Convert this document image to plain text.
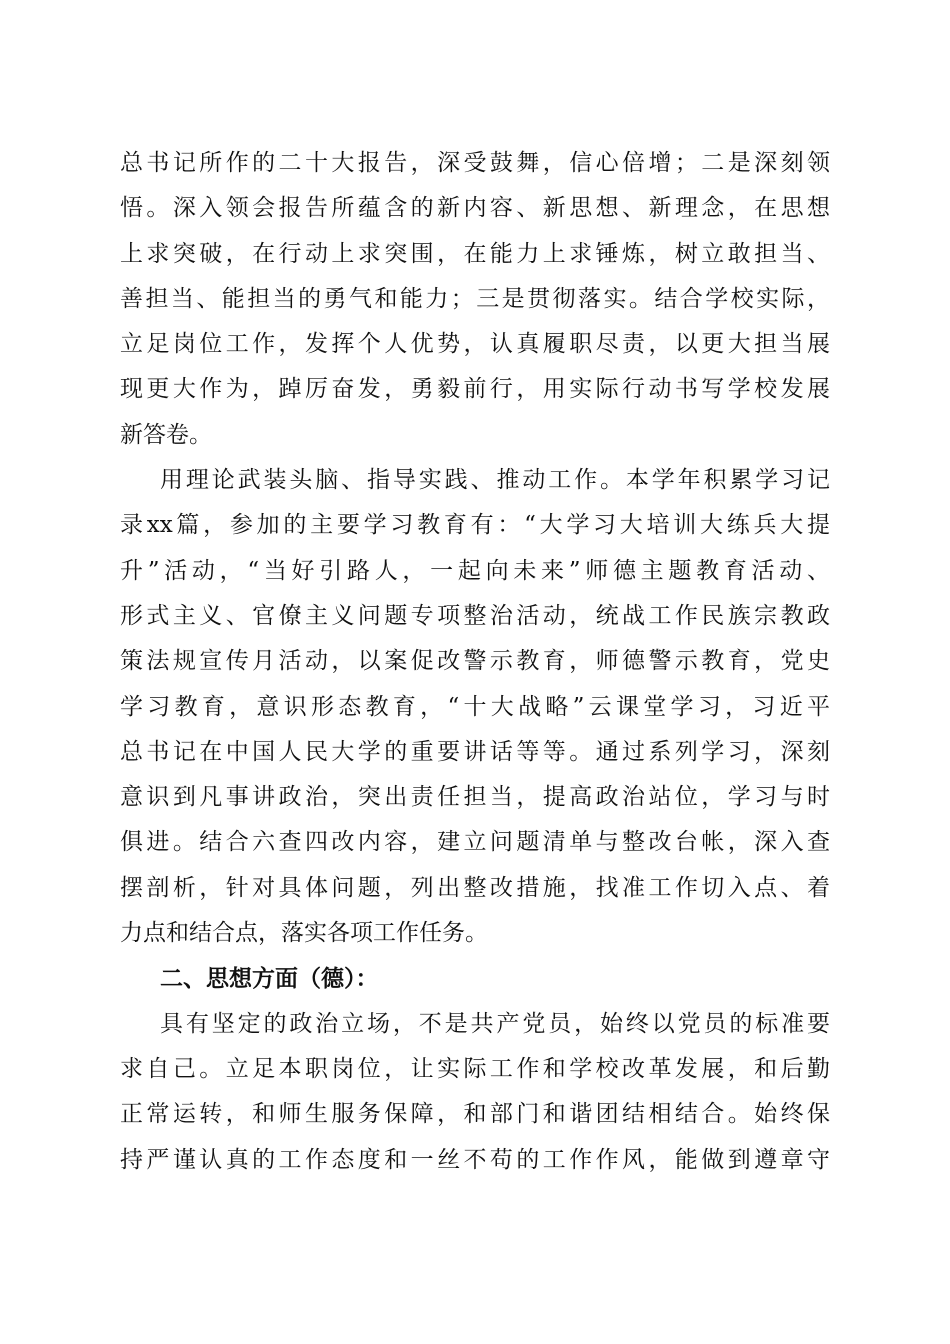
总书记所作的二十大报告，深受鼓舞，信心倍增；二是深刻领
悟。深入领会报告所蕴含的新内容、新思想、新理念，在思想
上求突破，在行动上求突围，在能力上求锤炼，树立敢担当、
善担当、能担当的勇气和能力；三是贯彻落实。结合学校实际，
立足岗位工作，发挥个人优势，认真履职尽责，以更大担当展
现更大作为，踔厉奋发，勇毅前行，用实际行动书写学校发展
新答卷。
用理论武装头脑、指导实践、推动工作。本学年积累学习记
录xx篇，参加的主要学习教育有：“大学习大培训大练兵大提
升”活动，“当好引路人，一起向未来”师德主题教育活动、
形式主义、官僚主义问题专项整治活动，统战工作民族宗教政
策法规宣传月活动，以案促改警示教育，师德警示教育，党史
学习教育，意识形态教育，“十大战略”云课堂学习，习近平
总书记在中国人民大学的重要讲话等等。通过系列学习，深刻
意识到凡事讲政治，突出责任担当，提高政治站位，学习与时
俱进。结合六查四改内容，建立问题清单与整改台帐，深入查
摆剖析，针对具体问题，列出整改措施，找准工作切入点、着
力点和结合点，落实各项工作任务。
二、思想方面（德）：
具有坚定的政治立场，不是共产党员，始终以党员的标准要
求自己。立足本职岗位，让实际工作和学校改革发展，和后勤
正常运转，和师生服务保障，和部门和谐团结相结合。始终保
持严谨认真的工作态度和一丝不苟的工作作风，能做到遵章守
